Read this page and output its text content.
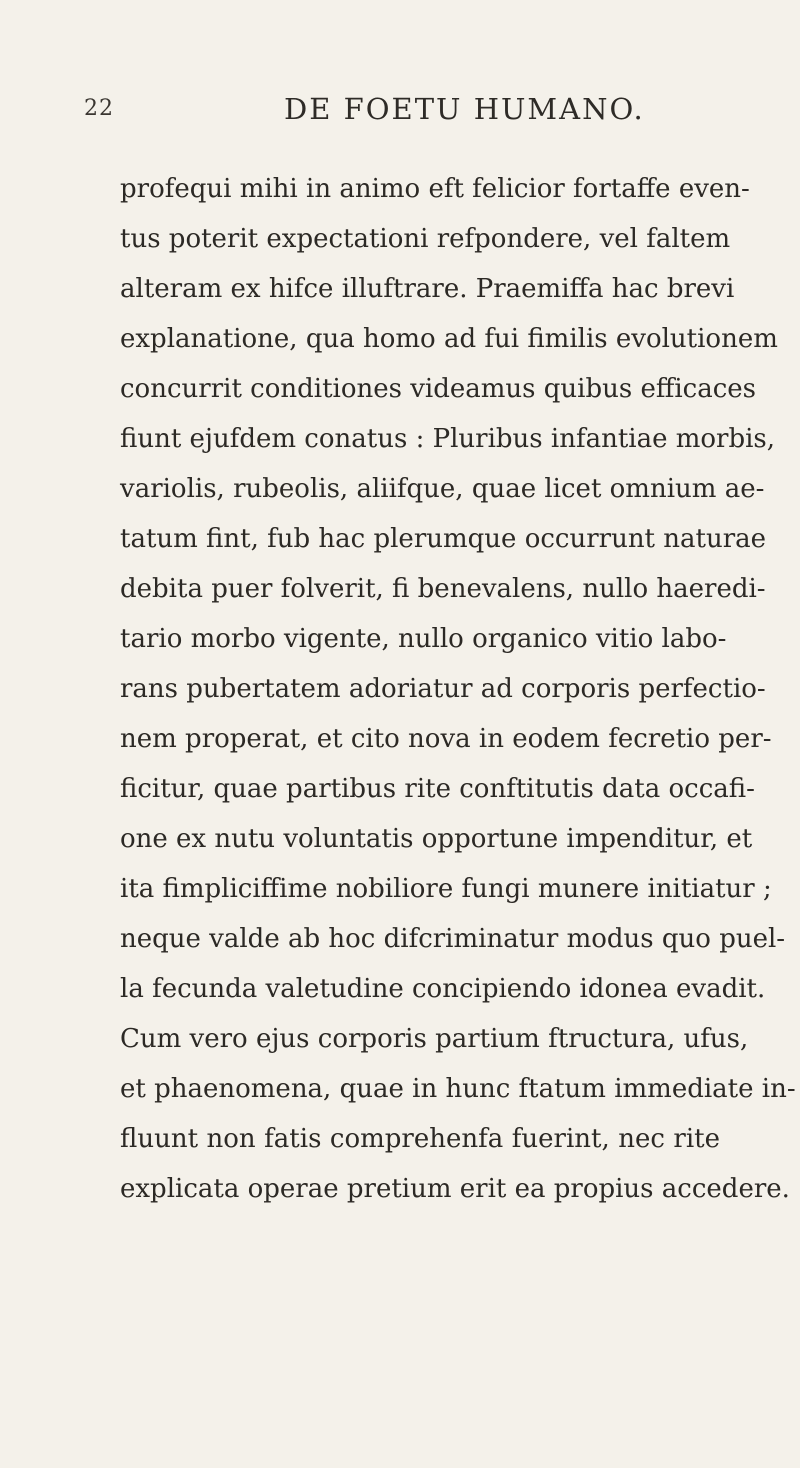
22	DE FOETU HUMANO.
profequi mihi in animo eft felicior fortaffe even-
tus poterit expectationi refpondere, vel faltem
alteram ex hifce illuftrare. Praemiffa hac brevi
explanatione, qua homo ad fui fimilis evolutionem
concurrit conditiones videamus quibus efficaces
fiunt ejufdem conatus : Pluribus infantiae morbis,
variolis, rubeolis, aliifque, quae licet omnium ae-
tatum fint, fub hac plerumque occurrunt naturae
debita puer folverit, fi benevalens, nullo haeredi-
tario morbo vigente, nullo organico vitio labo-
rans pubertatem adoriatur ad corporis perfectio-
nem properat, et cito nova in eodem fecretio per-
ficitur, quae partibus rite conftitutis data occafi-
one ex nutu voluntatis opportune impenditur, et
ita fimpliciffime nobiliore fungi munere initiatur ;
neque valde ab hoc difcriminatur modus quo puel-
la fecunda valetudine concipiendo idonea evadit.
Cum vero ejus corporis partium ftructura, ufus,
et phaenomena, quae in hunc ftatum immediate in-
fluunt non fatis comprehenfa fuerint, nec rite
explicata operae pretium erit ea propius accedere.
